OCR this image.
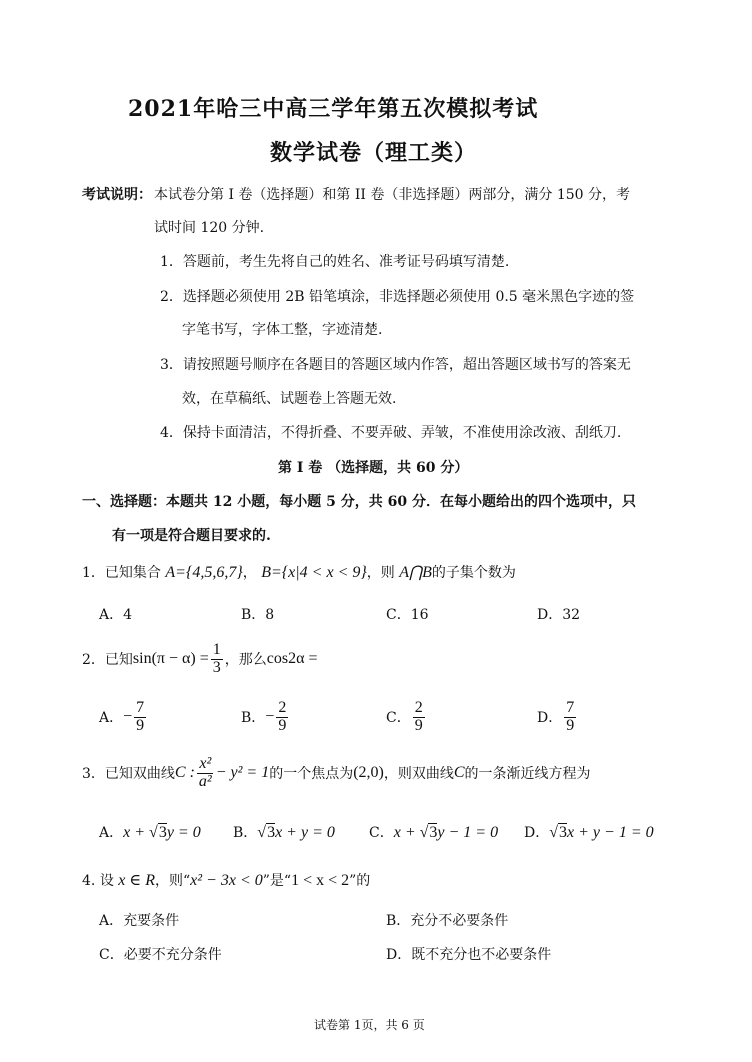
2021年哈三中高三学年第五次模拟考试
数学试卷（理工类）
考试说明： 本试卷分第 I 卷（选择题）和第 II 卷（非选择题）两部分，满分 150 分，考
试时间 120 分钟.
1．答题前，考生先将自己的姓名、准考证号码填写清楚.
2．选择题必须使用 2B 铅笔填涂，非选择题必须使用 0.5 毫米黑色字迹的签
字笔书写，字体工整，字迹清楚.
3．请按照题号顺序在各题目的答题区域内作答，超出答题区域书写的答案无
效，在草稿纸、试题卷上答题无效.
4．保持卡面清洁，不得折叠、不要弄破、弄皱，不准使用涂改液、刮纸刀.
第 I 卷 （选择题，共 60 分）
一、选择题：本题共 12 小题，每小题 5 分，共 60 分．在每小题给出的四个选项中，只
有一项是符合题目要求的.
1．已知集合 A={4,5,6,7}， B={x|4 < x < 9}，则 A⋂B的子集个数为
A．4	B．8	C．16	D．32
2． 已知 $\sin(\pi - \alpha) = \frac{1}{3}$ ，那么 cos2α =
A． − $\frac{7}{9}$	B． − $\frac{2}{9}$	C． $\frac{2}{9}$	D． $\frac{7}{9}$
3． 已知双曲线 C : $\frac{\text{x²}}{\text{a²}} - y^2 = 1$ 的一个焦点为 (2,0) ，则双曲线 C 的一条渐近线方程为
A．x + √3y = 0 B．√3x + y = 0 C．x + √3y − 1 = 0 D．√3x + y − 1 = 0
4. 设 x ∈ R，则“x² − 3x < 0”是“1 < x < 2”的
A．充要条件	B．充分不必要条件
C．必要不充分条件	D．既不充分也不必要条件
试卷第 1页，共 6 页
